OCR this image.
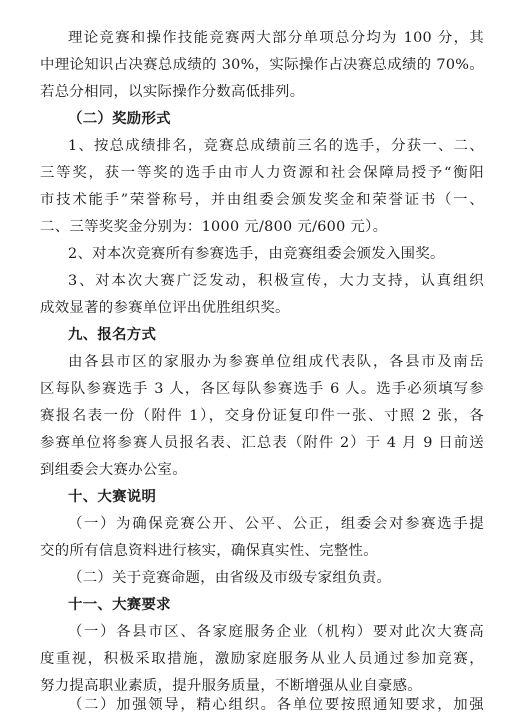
理论竞赛和操作技能竞赛两大部分单项总分均为 100 分，其
中理论知识占决赛总成绩的 30%，实际操作占决赛总成绩的 70%。
若总分相同，以实际操作分数高低排列。
（二）奖励形式
1、按总成绩排名，竞赛总成绩前三名的选手，分获一、二、
三等奖，获一等奖的选手由市人力资源和社会保障局授予“衡阳
市技术能手”荣誉称号，并由组委会颁发奖金和荣誉证书（一、
二、三等奖奖金分别为：1000 元/800 元/600 元）。
2、对本次竞赛所有参赛选手，由竞赛组委会颁发入围奖。
3、对本次大赛广泛发动，积极宣传，大力支持，认真组织
成效显著的参赛单位评出优胜组织奖。
九、报名方式
由各县市区的家服办为参赛单位组成代表队，各县市及南岳
区每队参赛选手 3 人，各区每队参赛选手 6 人。选手必须填写参
赛报名表一份（附件 1），交身份证复印件一张、寸照 2 张，各
参赛单位将参赛人员报名表、汇总表（附件 2）于 4 月 9 日前送
到组委会大赛办公室。
十、大赛说明
（一）为确保竞赛公开、公平、公正，组委会对参赛选手提
交的所有信息资料进行核实，确保真实性、完整性。
（二）关于竞赛命题，由省级及市级专家组负责。
十一、大赛要求
（一）各县市区、各家庭服务企业（机构）要对此次大赛高
度重视，积极采取措施，激励家庭服务从业人员通过参加竞赛，
努力提高职业素质，提升服务质量，不断增强从业自豪感。
（二）加强领导，精心组织。各单位要按照通知要求，加强
